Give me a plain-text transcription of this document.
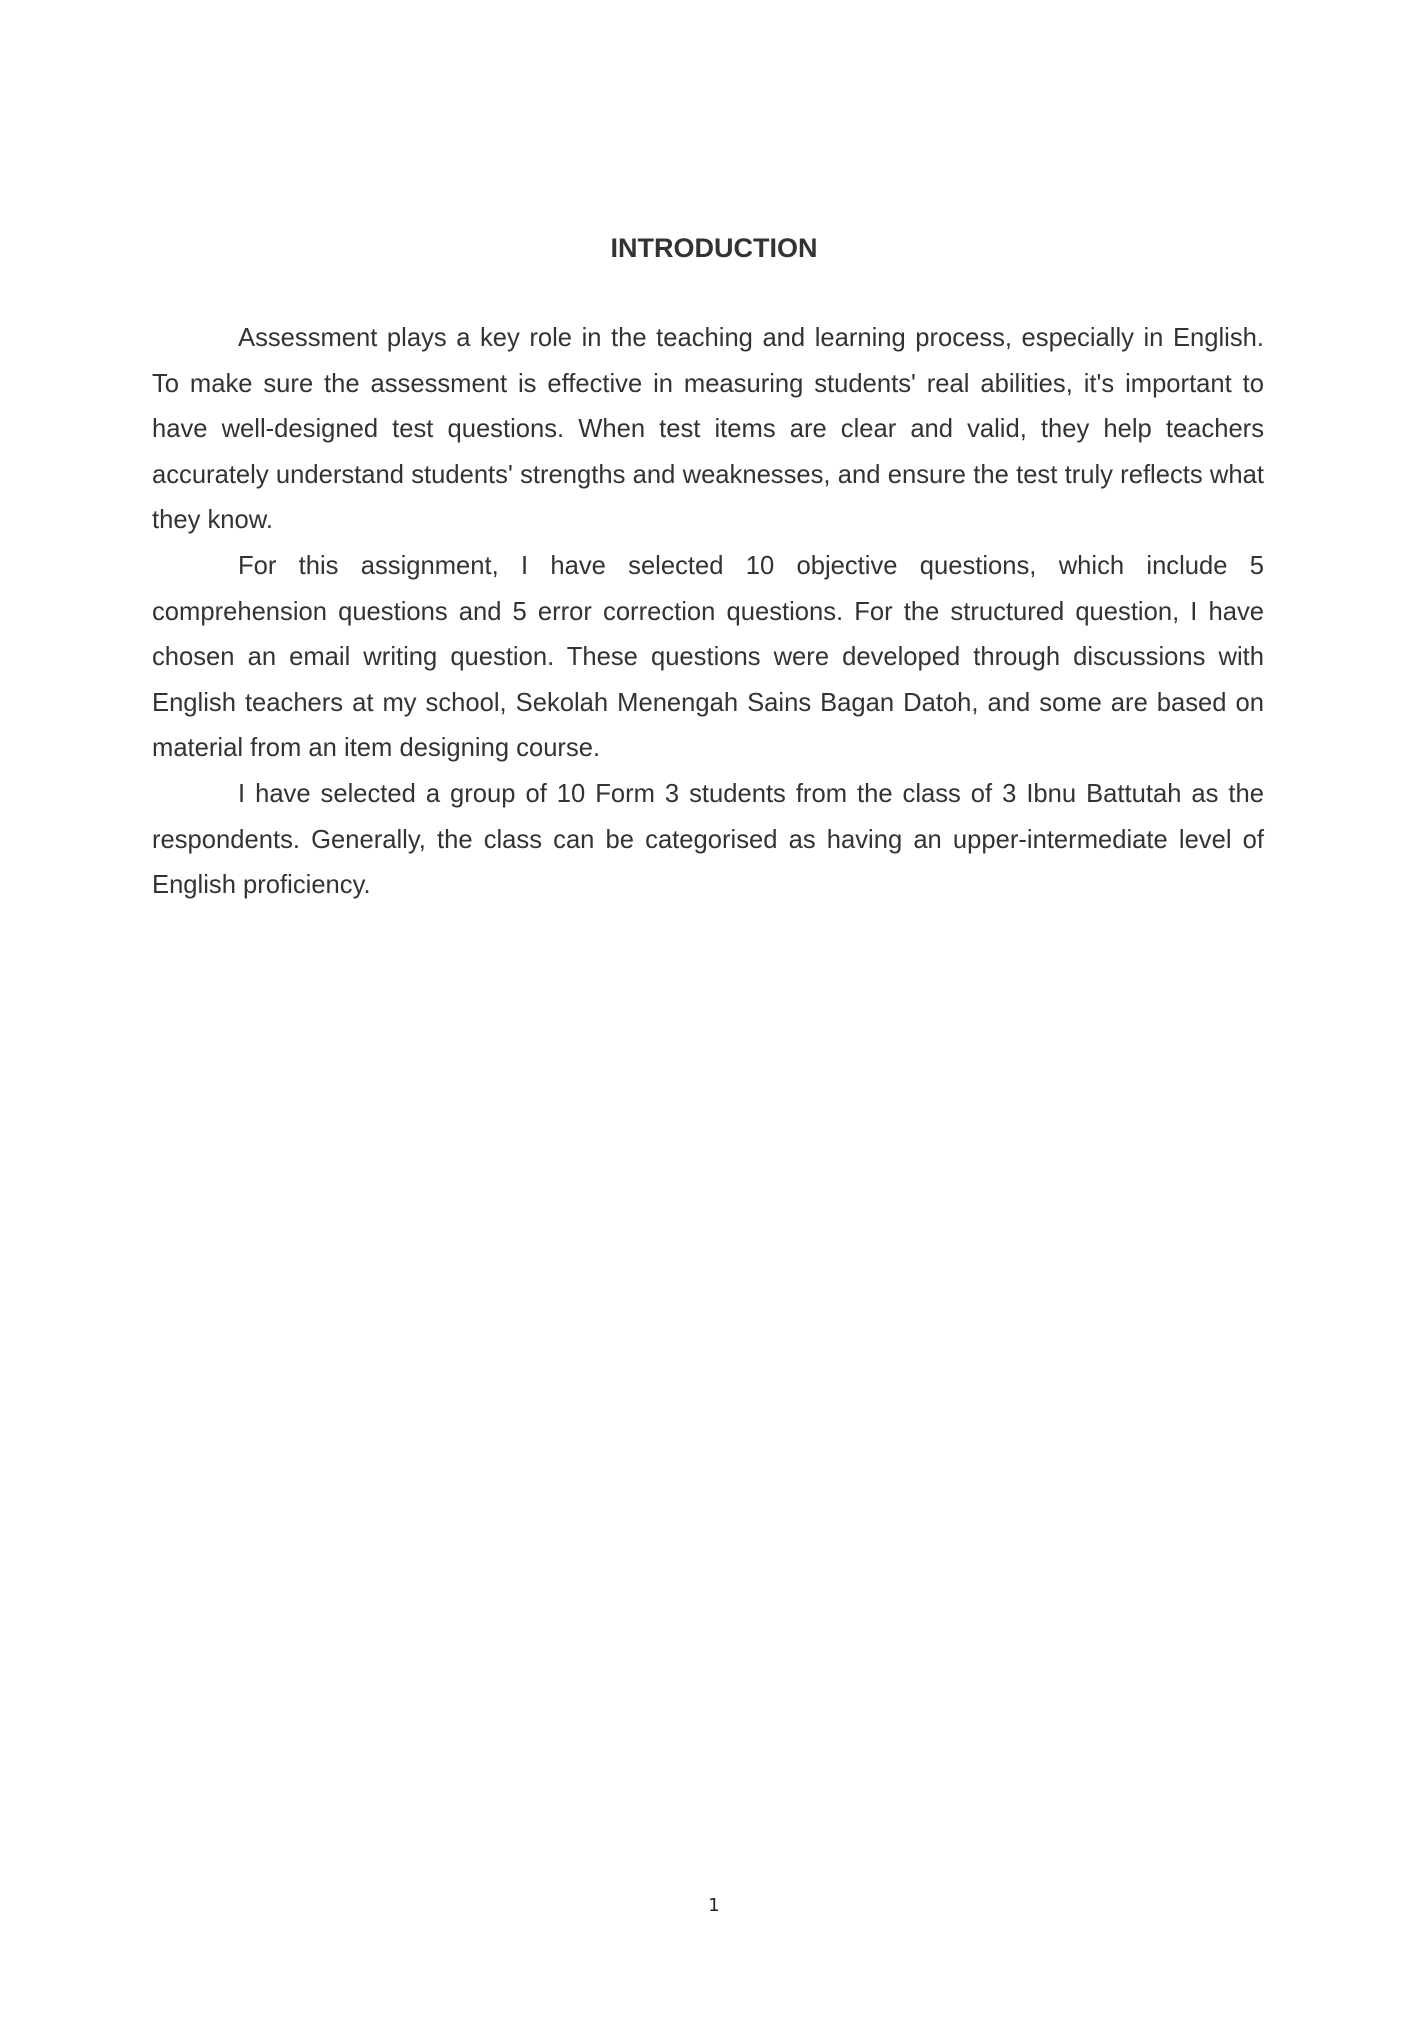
INTRODUCTION

Assessment plays a key role in the teaching and learning process, especially in English. To make sure the assessment is effective in measuring students' real abilities, it's important to have well-designed test questions. When test items are clear and valid, they help teachers accurately understand students' strengths and weaknesses, and ensure the test truly reflects what they know.

For this assignment, I have selected 10 objective questions, which include 5 comprehension questions and 5 error correction questions. For the structured question, I have chosen an email writing question. These questions were developed through discussions with English teachers at my school, Sekolah Menengah Sains Bagan Datoh, and some are based on material from an item designing course.

I have selected a group of 10 Form 3 students from the class of 3 Ibnu Battutah as the respondents. Generally, the class can be categorised as having an upper-intermediate level of English proficiency.

1
